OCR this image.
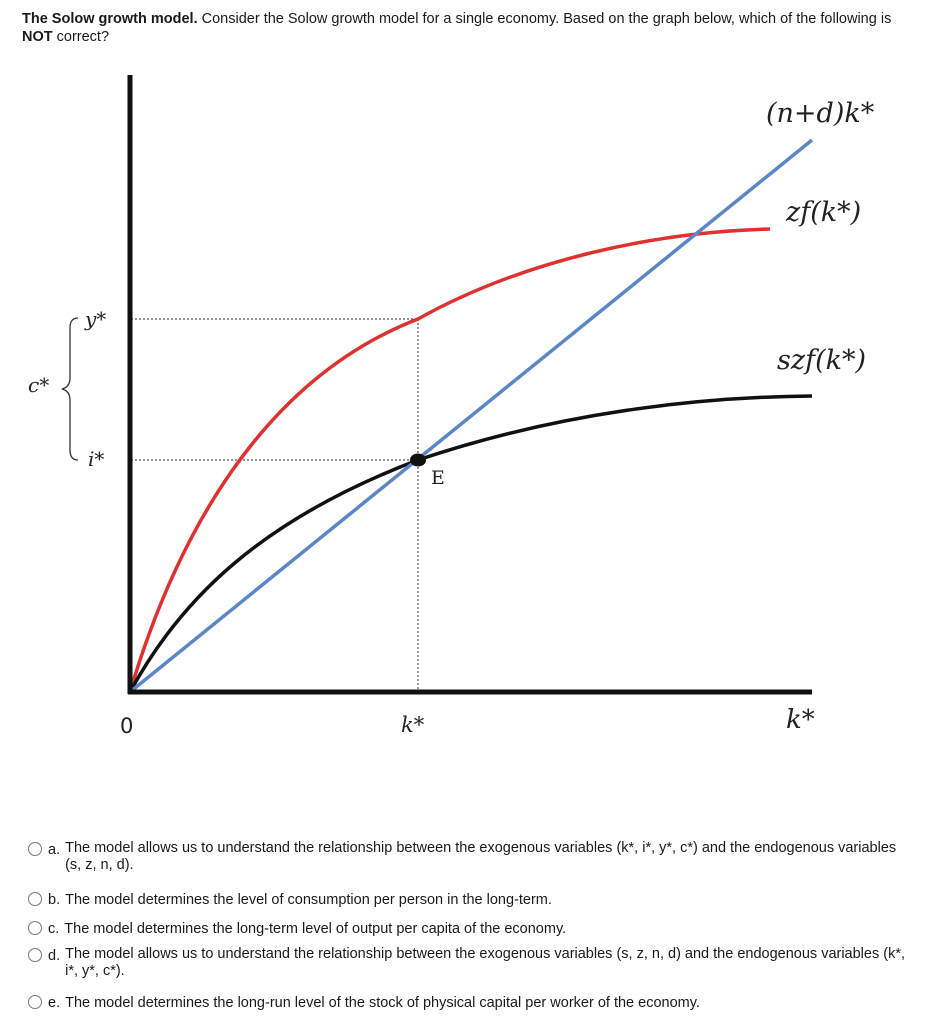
The Solow growth model. Consider the Solow growth model for a single economy. Based on the graph below, which of the following is NOT correct?
(n+d)k*
zf(k*)
szf(k*)
y*
i*
c*
0	k*	k*
E
a. The model allows us to understand the relationship between the exogenous variables (k*, i*, y*, c*) and the endogenous variables (s, z, n, d).
b. The model determines the level of consumption per person in the long-term.
c. The model determines the long-term level of output per capita of the economy.
d. The model allows us to understand the relationship between the exogenous variables (s, z, n, d) and the endogenous variables (k*, i*, y*, c*).
e. The model determines the long-run level of the stock of physical capital per worker of the economy.
